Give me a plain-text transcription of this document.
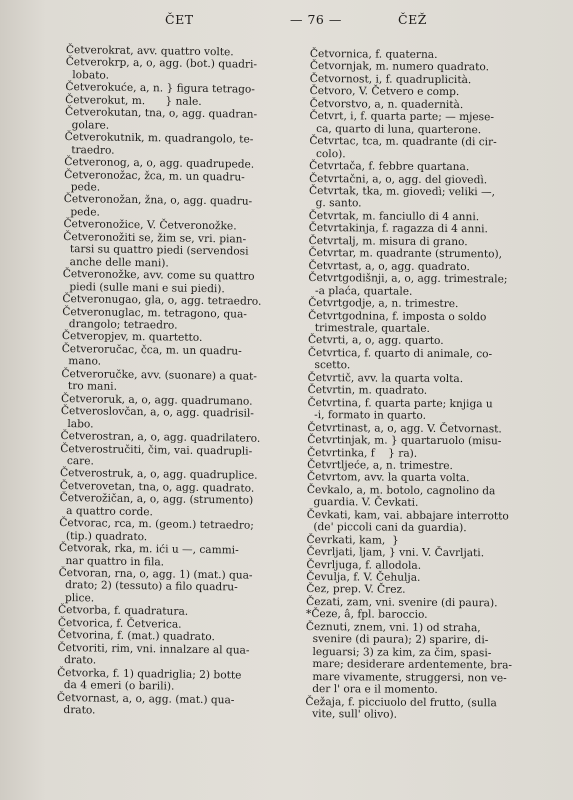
ČET	— 76 —	ČEŽ
Četverokrat, avv. quattro volte.
Četverokrp, a, o, agg. (bot.) quadri-
lobato.
Četverokuće, a, n. } figura tetrago-
Četverokut, m.      } nale.
Četverokutan, tna, o, agg. quadran-
golare.
Četverokutnik, m. quadrangolo, te-
traedro.
Četveronog, a, o, agg. quadrupede.
Četveronožac, žca, m. un quadru-
pede.
Četveronožan, žna, o, agg. quadru-
pede.
Četveronožice, V. Četveronožke.
Četveronožiti se, žim se, vri. pian-
tarsi su quattro piedi (servendosi
anche delle mani).
Četveronožke, avv. come su quattro
piedi (sulle mani e sui piedi).
Četveronugao, gla, o, agg. tetraedro.
Četveronuglac, m. tetragono, qua-
drangolo; tetraedro.
Četveropjev, m. quartetto.
Četveroručac, čca, m. un quadru-
mano.
Četveroručke, avv. (suonare) a quat-
tro mani.
Četveroruk, a, o, agg. quadrumano.
Četveroslovčan, a, o, agg. quadrisil-
labo.
Četverostran, a, o, agg. quadrilatero.
Četverostručiti, čim, vai. quadrupli-
care.
Četverostruk, a, o, agg. quadruplice.
Četverovetan, tna, o, agg. quadrato.
Četverožičan, a, o, agg. (strumento)
a quattro corde.
Četvorac, rca, m. (geom.) tetraedro;
(tip.) quadrato.
Četvorak, rka, m. ići u —, cammi-
nar quattro in fila.
Četvoran, rna, o, agg. 1) (mat.) qua-
drato; 2) (tessuto) a filo quadru-
plice.
Četvorba, f. quadratura.
Četvorica, f. Četverica.
Četvorina, f. (mat.) quadrato.
Četvoriti, rim, vni. innalzare al qua-
drato.
Četvorka, f. 1) quadriglia; 2) botte
da 4 emeri (o barili).
Četvornast, a, o, agg. (mat.) qua-
drato.
Četvornica, f. quaterna.
Četvornjak, m. numero quadrato.
Četvornost, i, f. quadruplicità.
Četvoro, V. Četvero e comp.
Četvorstvo, a, n. quadernità.
Četvrt, i, f. quarta parte; — mjese-
ca, quarto di luna, quarterone.
Četvrtac, tca, m. quadrante (di cir-
colo).
Četvrtača, f. febbre quartana.
Četvrtačni, a, o, agg. del giovedì.
Četvrtak, tka, m. giovedì; veliki —,
g. santo.
Četvrtak, m. fanciullo di 4 anni.
Četvrtakinja, f. ragazza di 4 anni.
Četvrtalj, m. misura di grano.
Četvrtar, m. quadrante (strumento),
Četvrtast, a, o, agg. quadrato.
Četvrtgodišnji, a, o, agg. trimestrale;
-a plaća, quartale.
Četvrtgodje, a, n. trimestre.
Četvrtgodnina, f. imposta o soldo
trimestrale, quartale.
Četvrti, a, o, agg. quarto.
Četvrtica, f. quarto di animale, co-
scetto.
Četvrtič, avv. la quarta volta.
Četvrtin, m. quadrato.
Četvrtina, f. quarta parte; knjiga u
-i, formato in quarto.
Četvrtinast, a, o, agg. V. Četvornast.
Četvrtinjak, m. } quartaruolo (misu-
Četvrtinka, f    } ra).
Četvrtljeće, a, n. trimestre.
Četvrtom, avv. la quarta volta.
Čevkalo, a, m. botolo, cagnolino da
guardia. V. Čevkati.
Čevkati, kam, vai. abbajare interrotto
(de' piccoli cani da guardia).
Čevrkati, kam,  }
Čevrljati, ljam, } vni. V. Čavrljati.
Čevrljuga, f. allodola.
Čevulja, f. V. Čehulja.
Čez, prep. V. Črez.
Čezati, zam, vni. svenire (di paura).
*Čeze, â, fpl. baroccio.
Čeznuti, znem, vni. 1) od straha,
svenire (di paura); 2) sparire, di-
leguarsi; 3) za kim, za čim, spasi-
mare; desiderare ardentemente, bra-
mare vivamente, struggersi, non ve-
der l' ora e il momento.
Čežaja, f. picciuolo del frutto, (sulla
vite, sull' olivo).
